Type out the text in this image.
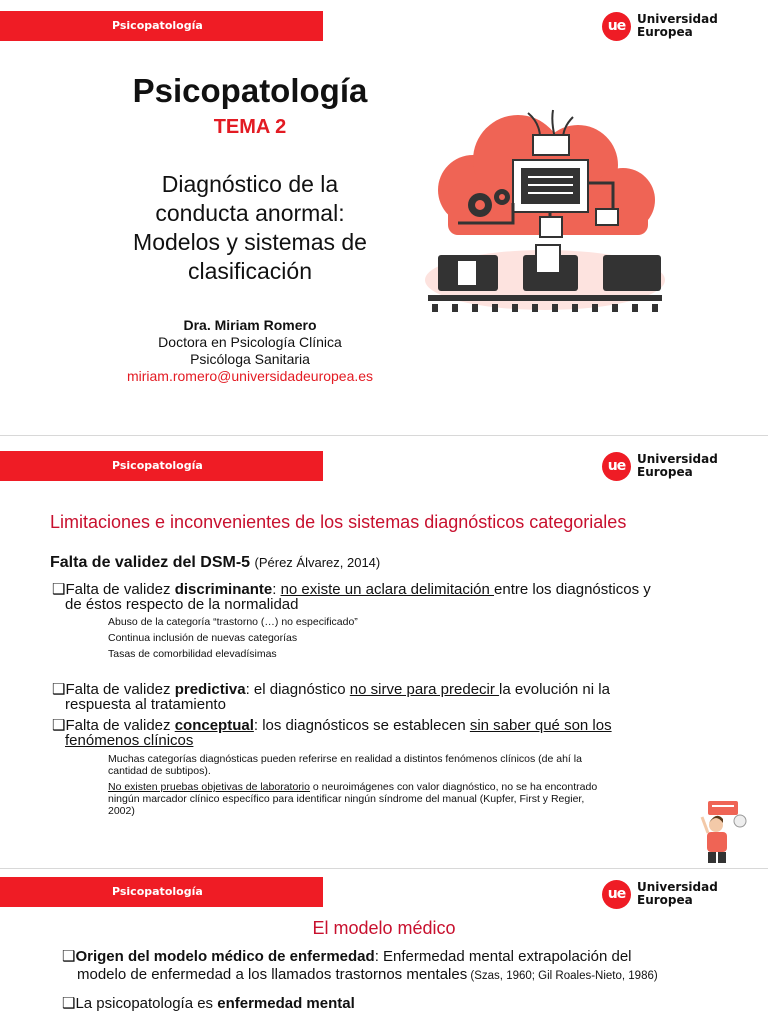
Psicopatología	ue Universidad
Europea
Psicopatología
TEMA 2
Diagnóstico de la
conducta anormal:
Modelos y sistemas de
clasificación
Dra. Miriam Romero
Doctora en Psicología Clínica
Psicóloga Sanitaria
miriam.romero@universidadeuropea.es
Psicopatología	ue Universidad
Europea
Limitaciones e inconvenientes de los sistemas diagnósticos categoriales
Falta de validez del DSM-5 (Pérez Álvarez, 2014)
❑Falta de validez discriminante: no existe un aclara delimitación entre los diagnósticos y
de éstos respecto de la normalidad
Abuso de la categoría “trastorno (…) no especificado”
Continua inclusión de nuevas categorías
Tasas de comorbilidad elevadísimas
❑Falta de validez predictiva: el diagnóstico no sirve para predecir la evolución ni la
respuesta al tratamiento
❑Falta de validez conceptual: los diagnósticos se establecen sin saber qué son los
fenómenos clínicos
Muchas categorías diagnósticas pueden referirse en realidad a distintos fenómenos clínicos (de ahí la
cantidad de subtipos).
No existen pruebas objetivas de laboratorio o neuroimágenes con valor diagnóstico, no se ha encontrado
ningún marcador clínico específico para identificar ningún síndrome del manual (Kupfer, First y Regier,
2002)
Psicopatología	ue Universidad
Europea
El modelo médico
❑Origen del modelo médico de enfermedad: Enfermedad mental extrapolación del
modelo de enfermedad a los llamados trastornos mentales (Szas, 1960; Gil Roales-Nieto, 1986)
❑La psicopatología es enfermedad mental
